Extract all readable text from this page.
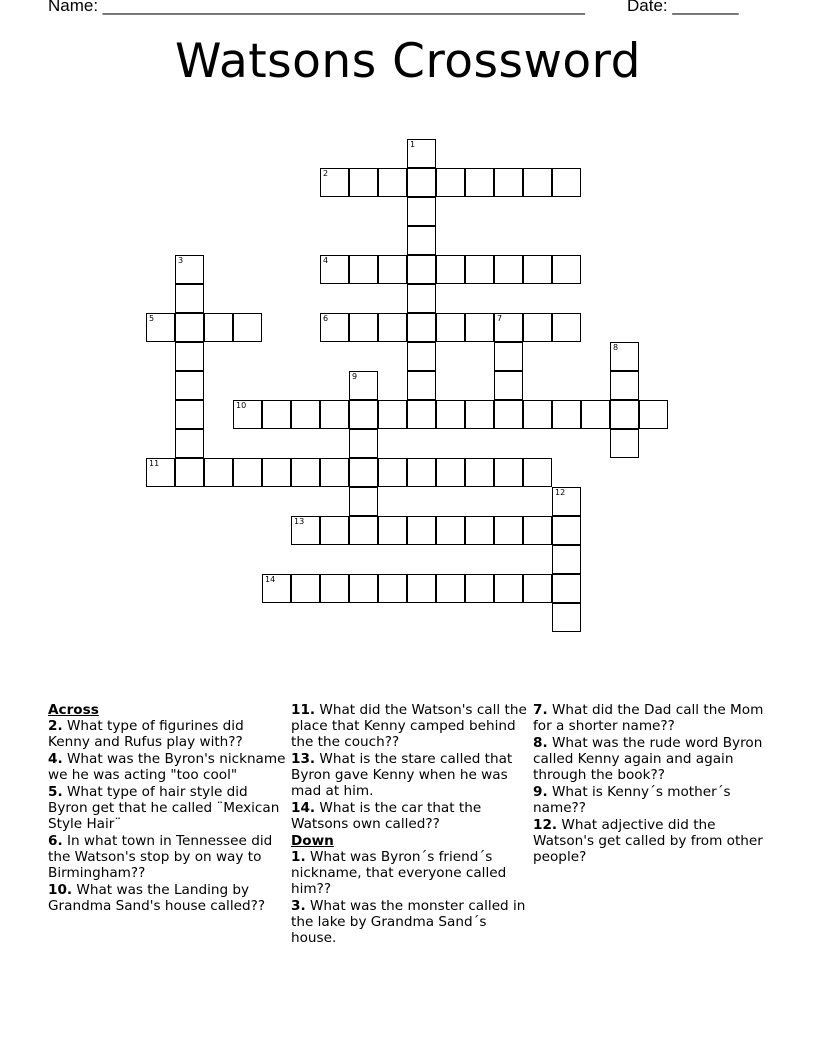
Name: ___________________________________________________ Date: _______
Watsons Crossword
1
2
3	4
5	6	7
8
9
10
11
12
13
14

Across

2. What type of figurines did Kenny and Rufus play with??

4. What was the Byron's nickname we he was acting "too cool"

5. What type of hair style did Byron get that he called ¨Mexican Style Hair¨

6. In what town in Tennessee did the Watson's stop by on way to Birmingham??

10. What was the Landing by Grandma Sand's house called??

11. What did the Watson's call the place that Kenny camped behind the the couch??

13. What is the stare called that Byron gave Kenny when he was mad at him.

14. What is the car that the Watsons own called??

Down

1. What was Byron´s friend´s nickname, that everyone called him??

3. What was the monster called in the lake by Grandma Sand´s house.

7. What did the Dad call the Mom for a shorter name??

8. What was the rude word Byron called Kenny again and again through the book??

9. What is Kenny´s mother´s name??

12. What adjective did the Watson's get called by from other people?
